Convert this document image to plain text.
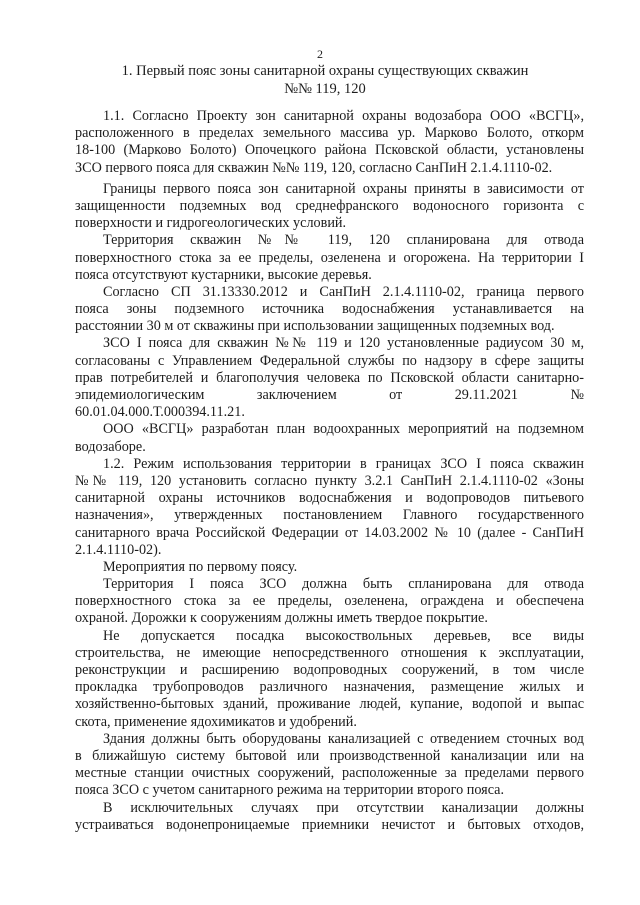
2
1. Первый пояс зоны санитарной охраны существующих скважин
№№ 119, 120
1.1. Согласно Проекту зон санитарной охраны водозабора ООО «ВСГЦ»,
расположенного в пределах земельного массива ур. Марково Болото, откорм
18-100 (Марково Болото) Опочецкого района Псковской области, установлены
ЗСО первого пояса для скважин №№ 119, 120, согласно СанПиН 2.1.4.1110-02.
Границы первого пояса зон санитарной охраны приняты в зависимости от
защищенности подземных вод среднефранского водоносного горизонта с
поверхности и гидрогеологических условий.
Территория скважин №№ 119, 120 спланирована для отвода
поверхностного стока за ее пределы, озеленена и огорожена. На территории I
пояса отсутствуют кустарники, высокие деревья.
Согласно СП 31.13330.2012 и СанПиН 2.1.4.1110-02, граница первого
пояса зоны подземного источника водоснабжения устанавливается на
расстоянии 30 м от скважины при использовании защищенных подземных вод.
ЗСО I пояса для скважин №№ 119 и 120 установленные радиусом 30 м,
согласованы с Управлением Федеральной службы по надзору в сфере защиты
прав потребителей и благополучия человека по Псковской области санитарно-
эпидемиологическим заключением от 29.11.2021 №
60.01.04.000.Т.000394.11.21.
ООО «ВСГЦ» разработан план водоохранных мероприятий на подземном
водозаборе.
1.2. Режим использования территории в границах ЗСО I пояса скважин
№№ 119, 120 установить согласно пункту 3.2.1 СанПиН 2.1.4.1110-02 «Зоны
санитарной охраны источников водоснабжения и водопроводов питьевого
назначения», утвержденных постановлением Главного государственного
санитарного врача Российской Федерации от 14.03.2002 № 10 (далее - СанПиН
2.1.4.1110-02).
Мероприятия по первому поясу.
Территория I пояса ЗСО должна быть спланирована для отвода
поверхностного стока за ее пределы, озеленена, ограждена и обеспечена
охраной. Дорожки к сооружениям должны иметь твердое покрытие.
Не допускается посадка высокоствольных деревьев, все виды
строительства, не имеющие непосредственного отношения к эксплуатации,
реконструкции и расширению водопроводных сооружений, в том числе
прокладка трубопроводов различного назначения, размещение жилых и
хозяйственно-бытовых зданий, проживание людей, купание, водопой и выпас
скота, применение ядохимикатов и удобрений.
Здания должны быть оборудованы канализацией с отведением сточных вод
в ближайшую систему бытовой или производственной канализации или на
местные станции очистных сооружений, расположенные за пределами первого
пояса ЗСО с учетом санитарного режима на территории второго пояса.
В исключительных случаях при отсутствии канализации должны
устраиваться водонепроницаемые приемники нечистот и бытовых отходов,
